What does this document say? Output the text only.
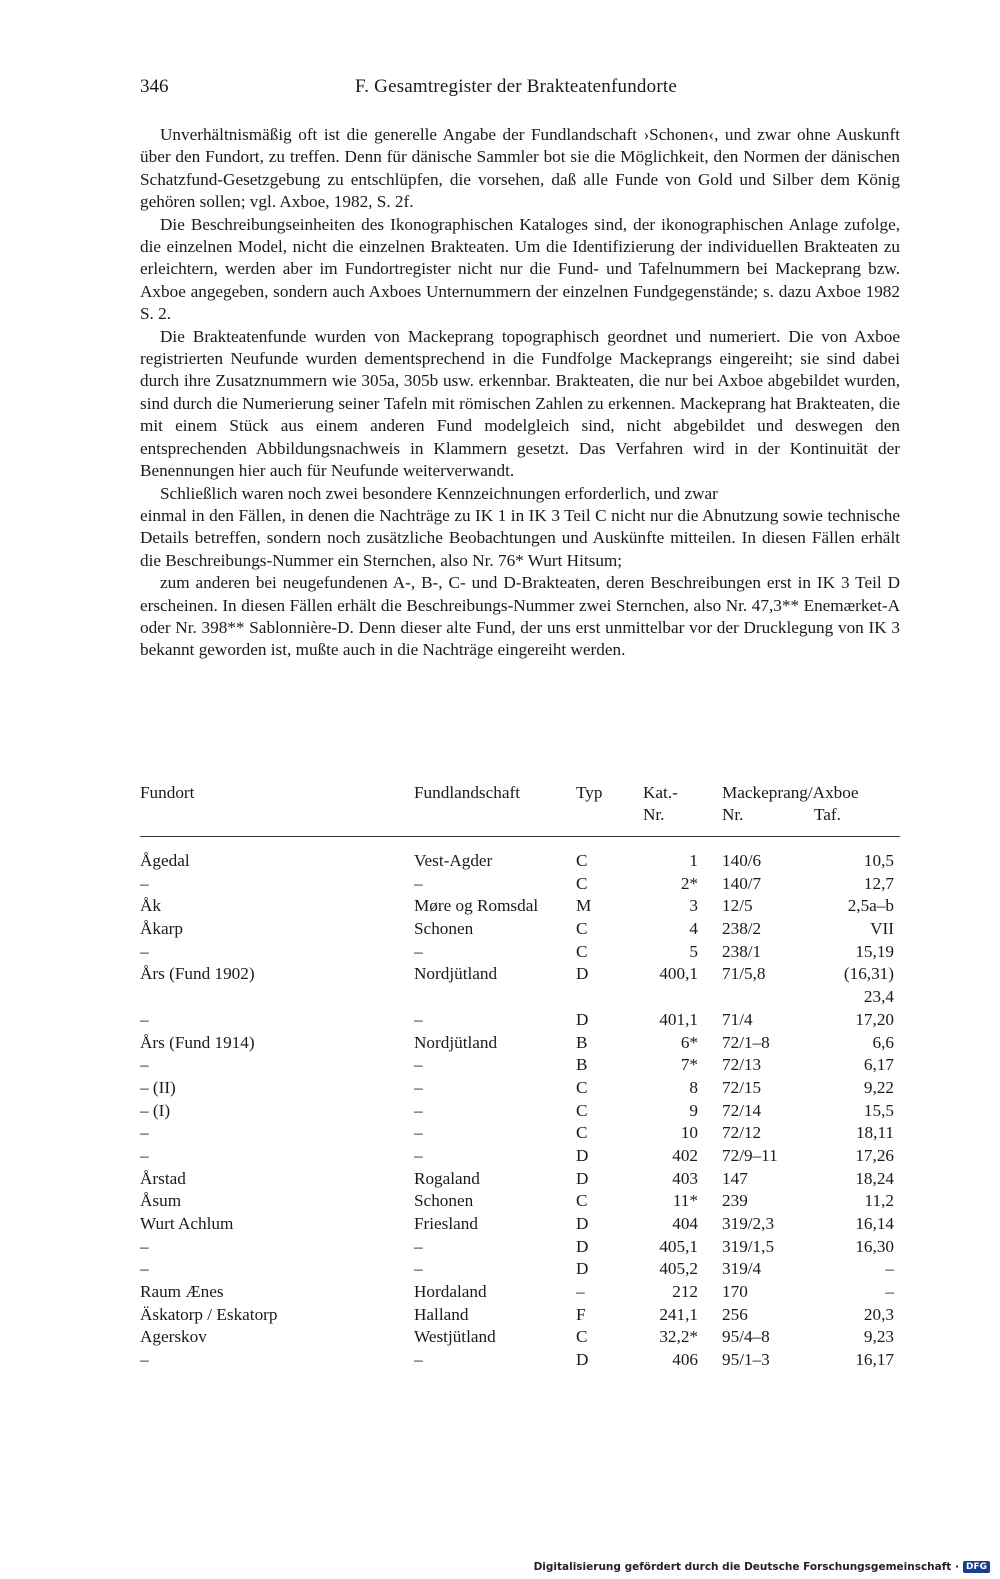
346	F. Gesamtregister der Brakteatenfundorte

Unverhältnismäßig oft ist die generelle Angabe der Fundlandschaft ›Schonen‹, und zwar ohne Auskunft über den Fundort, zu treffen. Denn für dänische Sammler bot sie die Möglichkeit, den Normen der dänischen Schatzfund-Gesetzgebung zu entschlüpfen, die vorsehen, daß alle Funde von Gold und Silber dem König gehören sollen; vgl. Axboe, 1982, S. 2f.

Die Beschreibungseinheiten des Ikonographischen Kataloges sind, der ikonographischen Anlage zufolge, die einzelnen Model, nicht die einzelnen Brakteaten. Um die Identifizierung der individuellen Brakteaten zu erleichtern, werden aber im Fundortregister nicht nur die Fund- und Tafelnummern bei Mackeprang bzw. Axboe angegeben, sondern auch Axboes Unternummern der einzelnen Fundgegenstände; s. dazu Axboe 1982 S. 2.

Die Brakteatenfunde wurden von Mackeprang topographisch geordnet und numeriert. Die von Axboe registrierten Neufunde wurden dementsprechend in die Fundfolge Mackeprangs eingereiht; sie sind dabei durch ihre Zusatznummern wie 305a, 305b usw. erkennbar. Brakteaten, die nur bei Axboe abgebildet wurden, sind durch die Numerierung seiner Tafeln mit römischen Zahlen zu erkennen. Mackeprang hat Brakteaten, die mit einem Stück aus einem anderen Fund modelgleich sind, nicht abgebildet und deswegen den entsprechenden Abbildungsnachweis in Klammern gesetzt. Das Verfahren wird in der Kontinuität der Benennungen hier auch für Neufunde weiterverwandt.

Schließlich waren noch zwei besondere Kennzeichnungen erforderlich, und zwar

einmal in den Fällen, in denen die Nachträge zu IK 1 in IK 3 Teil C nicht nur die Abnutzung sowie technische Details betreffen, sondern noch zusätzliche Beobachtungen und Auskünfte mitteilen. In diesen Fällen erhält die Beschreibungs-Nummer ein Sternchen, also Nr. 76* Wurt Hitsum;

zum anderen bei neugefundenen A-, B-, C- und D-Brakteaten, deren Beschreibungen erst in IK 3 Teil D erscheinen. In diesen Fällen erhält die Beschreibungs-Nummer zwei Sternchen, also Nr. 47,3** Enemærket-A oder Nr. 398** Sablonnière-D. Denn dieser alte Fund, der uns erst unmittelbar vor der Drucklegung von IK 3 bekannt geworden ist, mußte auch in die Nachträge eingereiht werden.

Fundort	Fundlandschaft	Typ Kat.-
Nr.
Mackeprang/Axboe
Nr.	Taf.
Ågedal	Vest-Agder	C	1 140/6	10,5
–	–	C	2* 140/7	12,7
Åk	Møre og Romsdal M	3 12/5	2,5a–b
Åkarp	Schonen	C	4 238/2	VII
–	–	C	5 238/1	15,19
Års (Fund 1902)	Nordjütland	D	400,1 71/5,8	(16,31)
23,4
–	–	D	401,1 71/4	17,20
Års (Fund 1914)	Nordjütland	B	6* 72/1–8	6,6
–	–	B	7* 72/13	6,17
– (II)	–	C	8 72/15	9,22
– (I)	–	C	9 72/14	15,5
–	–	C	10 72/12	18,11
–	–	D	402 72/9–11	17,26
Årstad	Rogaland	D	403 147	18,24
Åsum	Schonen	C	11* 239	11,2
Wurt Achlum	Friesland	D	404 319/2,3	16,14
–	–	D	405,1 319/1,5	16,30
–	–	D	405,2 319/4	–
Raum Ænes	Hordaland	–	212 170	–
Äskatorp / Eskatorp	Halland	F	241,1 256	20,3
Agerskov	Westjütland	C	32,2* 95/4–8	9,23
–	–	D	406 95/1–3	16,17
Digitalisierung gefördert durch die Deutsche Forschungsgemeinschaft · DFG
